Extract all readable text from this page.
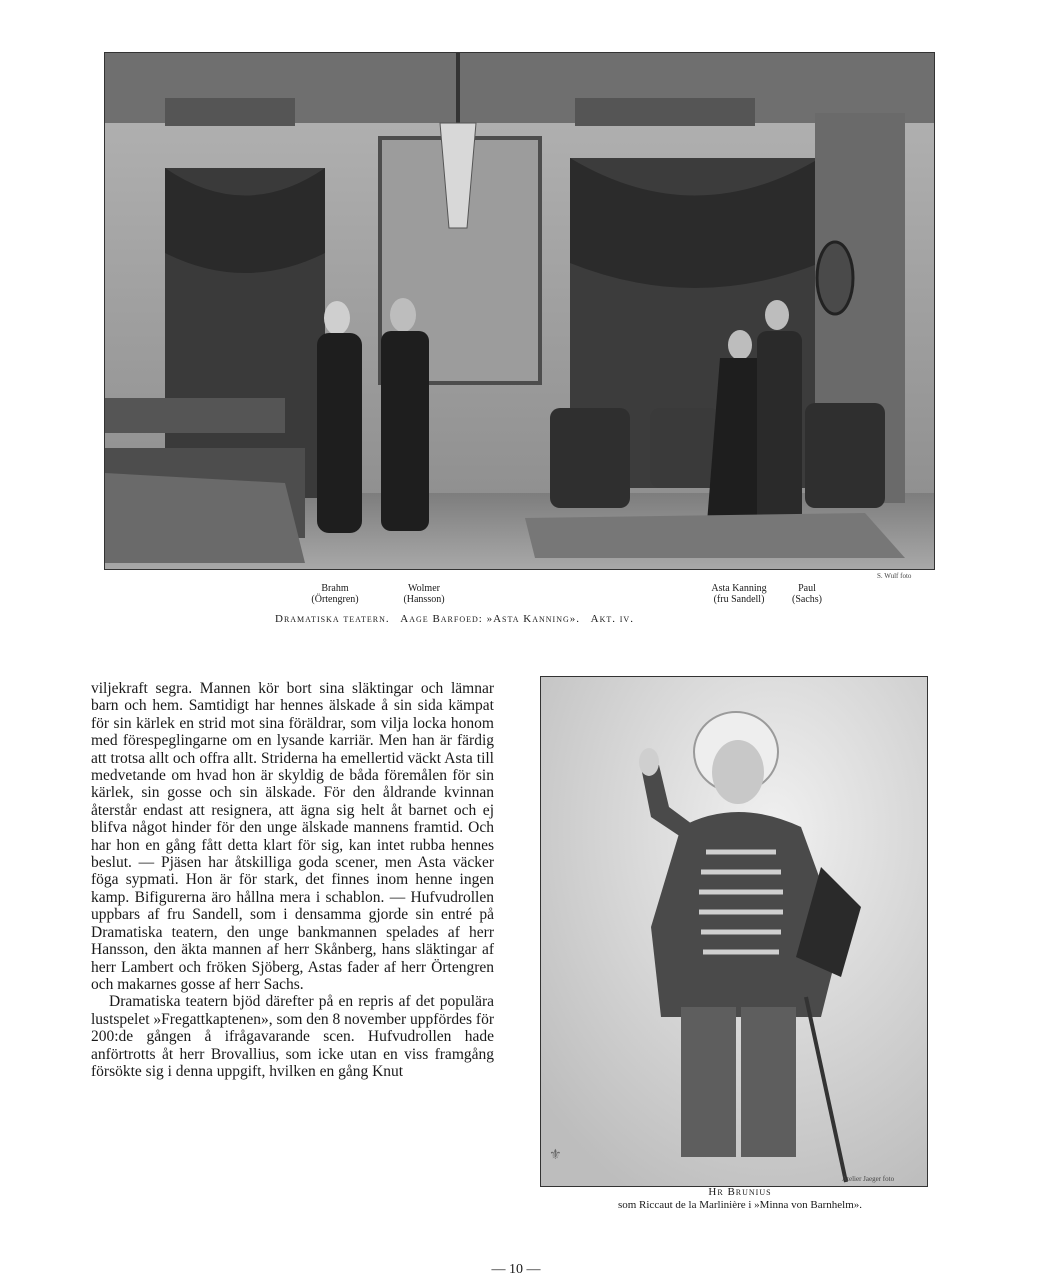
S. Wulf foto
Brahm
(Örtengren)
Wolmer
(Hansson)
Asta Kanning
(fru Sandell)
Paul
(Sachs)
Dramatiska teatern.   Aage Barfoed: »Asta Kanning».   Akt. iv.

viljekraft segra. Mannen kör bort sina släktingar och lämnar barn och hem. Samtidigt har hennes älskade å sin sida kämpat för sin kärlek en strid mot sina föräldrar, som vilja locka honom med förespeglingarne om en lysande karriär. Men han är färdig att trotsa allt och offra allt. Striderna ha emellertid väckt Asta till medvetande om hvad hon är skyldig de båda föremålen för sin kärlek, sin gosse och sin älskade. För den åldrande kvinnan återstår endast att resignera, att ägna sig helt åt barnet och ej blifva något hinder för den unge älskade mannens framtid. Och har hon en gång fått detta klart för sig, kan intet rubba hennes beslut. — Pjäsen har åtskilliga goda scener, men Asta väcker föga sypmati. Hon är för stark, det finnes inom henne ingen kamp. Bifigurerna äro hållna mera i schablon. — Hufvudrollen uppbars af fru Sandell, som i densamma gjorde sin entré på Dramatiska teatern, den unge bankmannen spelades af herr Hansson, den äkta mannen af herr Skånberg, hans släktingar af herr Lambert och fröken Sjöberg, Astas fader af herr Örtengren och makarnes gosse af herr Sachs.

Dramatiska teatern bjöd därefter på en repris af det populära lustspelet »Fregattkaptenen», som den 8 november uppfördes för 200:de gången å ifrågavarande scen. Hufvudrollen hade anförtrotts åt herr Brovallius, som icke utan en viss framgång försökte sig i denna uppgift, hvilken en gång Knut

⚜
Atelier Jaeger foto
Hr Brunius
som Riccaut de la Marlinière i »Minna von Barnhelm».
— 10 —
